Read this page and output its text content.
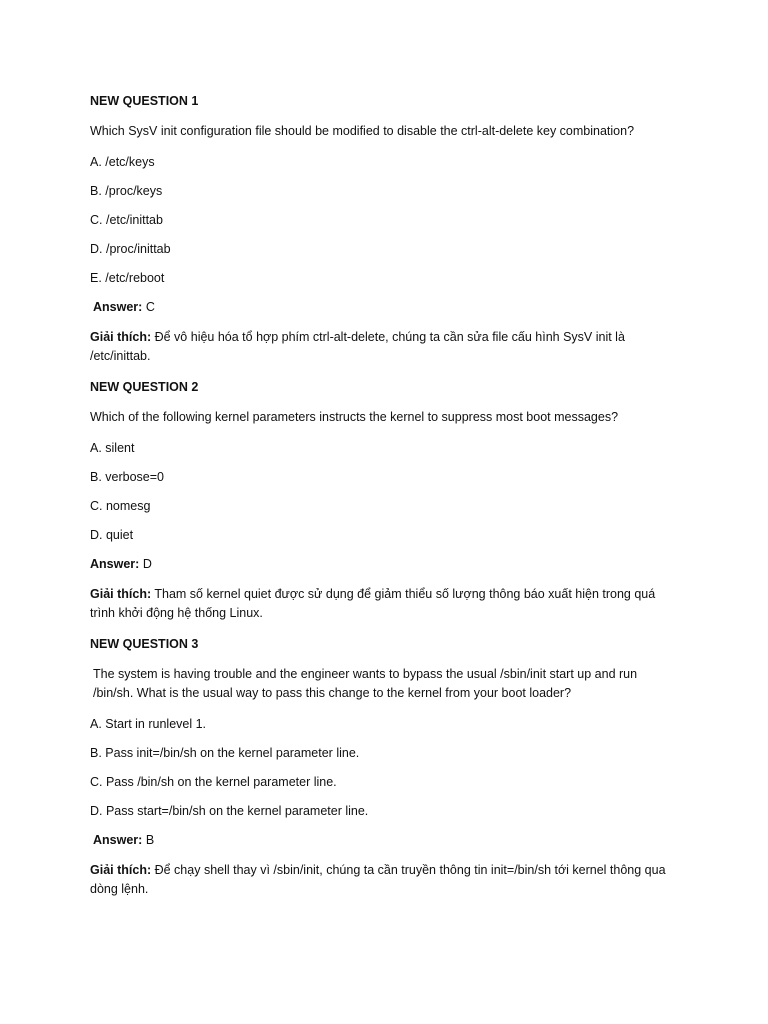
NEW QUESTION 1
Which SysV init configuration file should be modified to disable the ctrl-alt-delete key combination?
A. /etc/keys
B. /proc/keys
C. /etc/inittab
D. /proc/inittab
E. /etc/reboot
Answer: C
Giải thích: Để vô hiệu hóa tổ hợp phím ctrl-alt-delete, chúng ta cần sửa file cấu hình SysV init là /etc/inittab.
NEW QUESTION 2
Which of the following kernel parameters instructs the kernel to suppress most boot messages?
A. silent
B. verbose=0
C. nomesg
D. quiet
Answer: D
Giải thích: Tham số kernel quiet được sử dụng để giảm thiểu số lượng thông báo xuất hiện trong quá trình khởi động hệ thống Linux.
NEW QUESTION 3
The system is having trouble and the engineer wants to bypass the usual /sbin/init start up and run /bin/sh. What is the usual way to pass this change to the kernel from your boot loader?
A. Start in runlevel 1.
B. Pass init=/bin/sh on the kernel parameter line.
C. Pass /bin/sh on the kernel parameter line.
D. Pass start=/bin/sh on the kernel parameter line.
Answer: B
Giải thích: Để chạy shell thay vì /sbin/init, chúng ta cần truyền thông tin init=/bin/sh tới kernel thông qua dòng lệnh.
